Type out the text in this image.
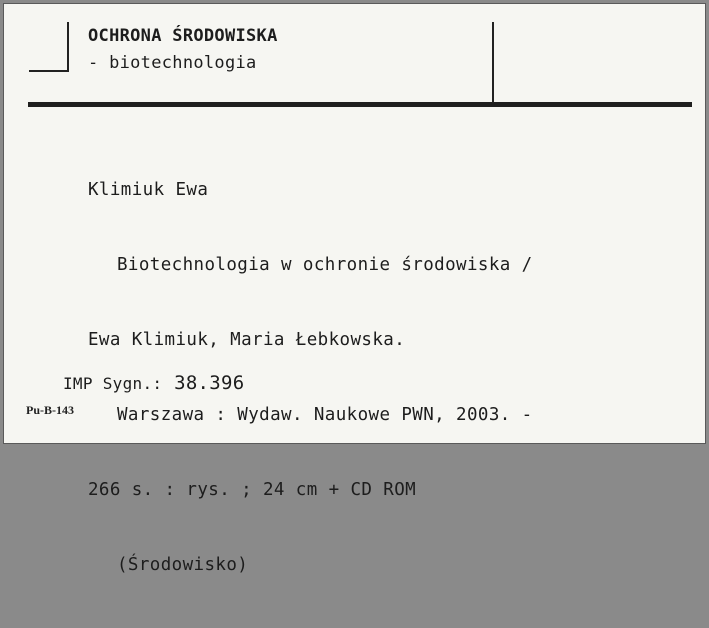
OCHRONA ŚRODOWISKA
- biotechnologia

Klimiuk Ewa

Biotechnologia w ochronie środowiska /

Ewa Klimiuk, Maria Łebkowska.

Warszawa : Wydaw. Naukowe PWN, 2003. -

266 s. : rys. ; 24 cm + CD ROM

(Środowisko)

IMP Sygn.: 38.396
Pu-B-143
